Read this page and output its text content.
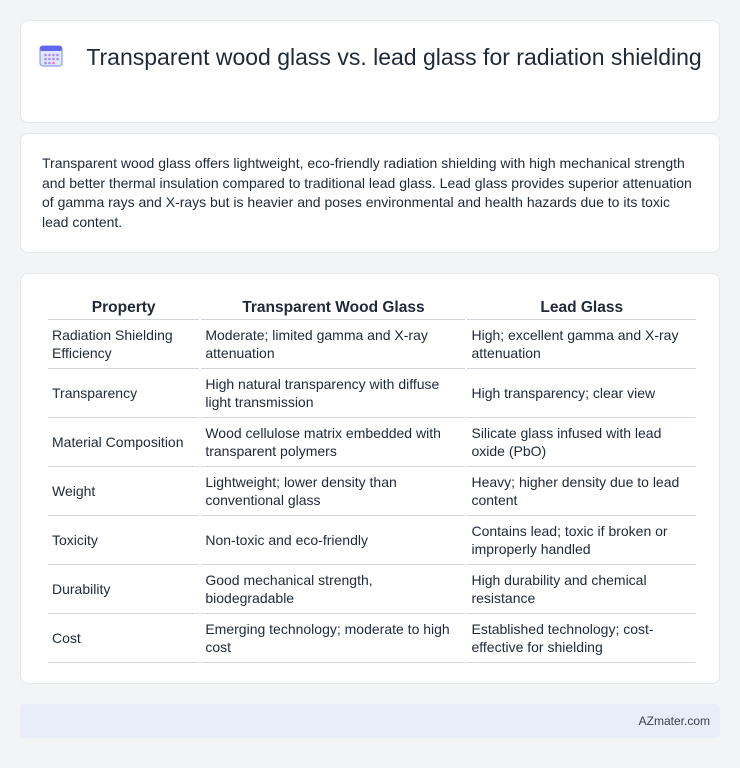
Transparent wood glass vs. lead glass for radiation shielding

Transparent wood glass offers lightweight, eco-friendly radiation shielding with high mechanical strength and better thermal insulation compared to traditional lead glass. Lead glass provides superior attenuation of gamma rays and X-rays but is heavier and poses environmental and health hazards due to its toxic lead content.

Property	Transparent Wood Glass	Lead Glass
Radiation Shielding Efficiency	Moderate; limited gamma and X-ray attenuation	High; excellent gamma and X-ray attenuation
Transparency	High natural transparency with diffuse light transmission	High transparency; clear view
Material Composition	Wood cellulose matrix embedded with transparent polymers	Silicate glass infused with lead oxide (PbO)
Weight	Lightweight; lower density than conventional glass	Heavy; higher density due to lead content
Toxicity	Non-toxic and eco-friendly	Contains lead; toxic if broken or improperly handled
Durability	Good mechanical strength, biodegradable	High durability and chemical resistance
Cost	Emerging technology; moderate to high cost	Established technology; cost-effective for shielding
AZmater.com
